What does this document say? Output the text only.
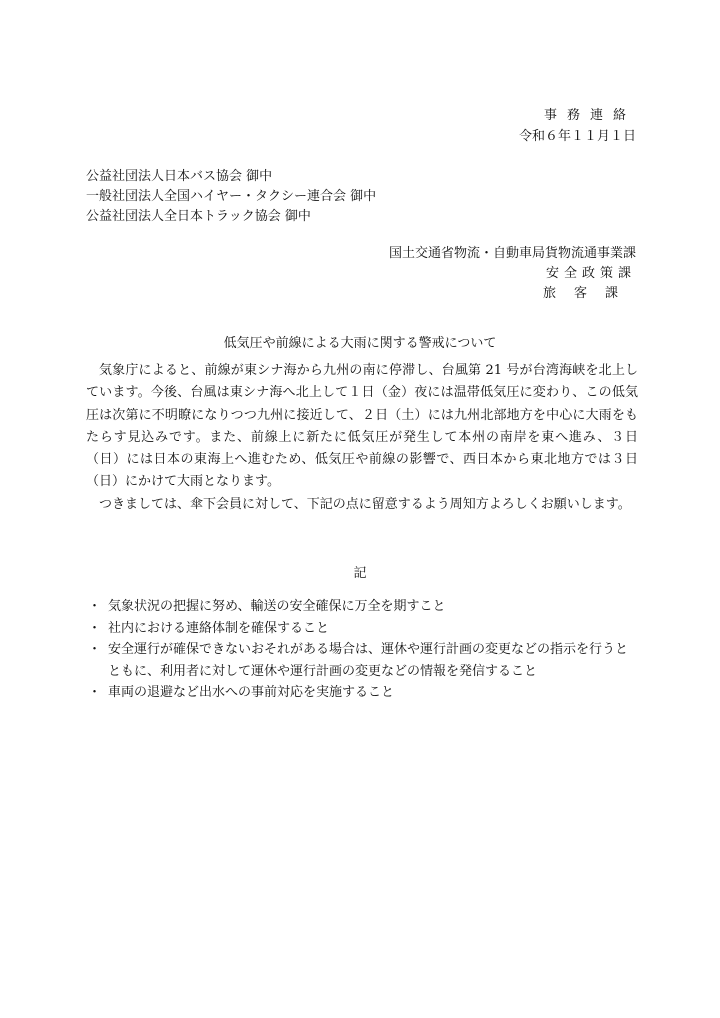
事務連絡
令和６年１１月１日
公益社団法人日本バス協会 御中
一般社団法人全国ハイヤー・タクシー連合会 御中
公益社団法人全日本トラック協会 御中
国土交通省物流・自動車局貨物流通事業課
安全政策課
旅客課
低気圧や前線による大雨に関する警戒について

気象庁によると、前線が東シナ海から九州の南に停滞し、台風第 21 号が台湾海峡を北上しています。今後、台風は東シナ海へ北上して１日（金）夜には温帯低気圧に変わり、この低気圧は次第に不明瞭になりつつ九州に接近して、２日（土）には九州北部地方を中心に大雨をもたらす見込みです。また、前線上に新たに低気圧が発生して本州の南岸を東へ進み、３日（日）には日本の東海上へ進むため、低気圧や前線の影響で、西日本から東北地方では３日（日）にかけて大雨となります。

つきましては、傘下会員に対して、下記の点に留意するよう周知方よろしくお願いします。

記
・ 気象状況の把握に努め、輸送の安全確保に万全を期すこと
・ 社内における連絡体制を確保すること
・ 安全運行が確保できないおそれがある場合は、運休や運行計画の変更などの指示を行うとともに、利用者に対して運休や運行計画の変更などの情報を発信すること
・ 車両の退避など出水への事前対応を実施すること
